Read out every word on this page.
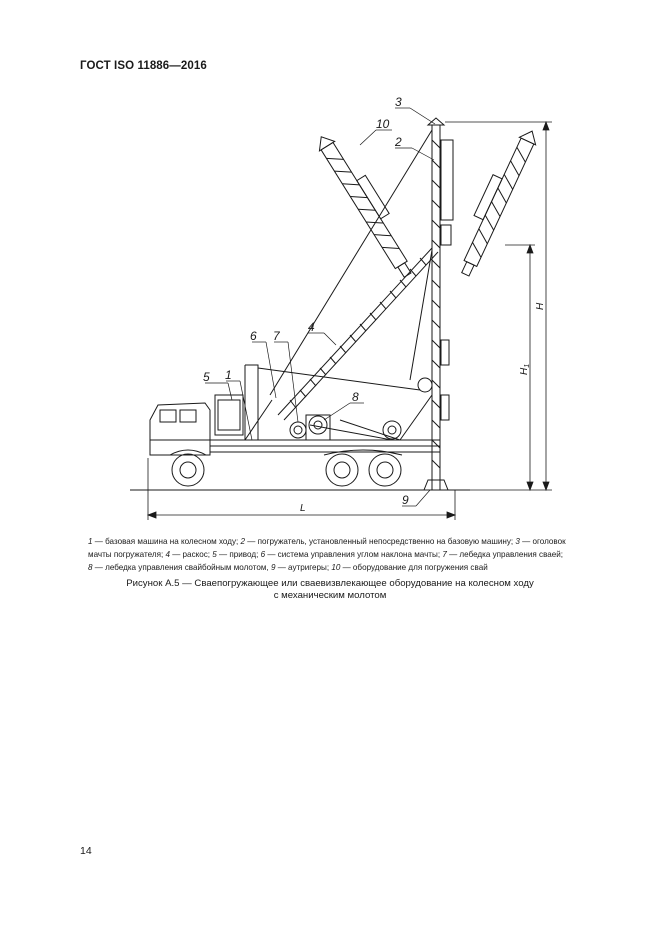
ГОСТ ISO 11886—2016
5 1
6 7
4
8
3
2
10
9
L
H
$H_1$
1 — базовая машина на колесном ходу; 2 — погружатель, установленный непосредственно на базовую машину; 3 — оголовок
мачты погружателя; 4 — раскос; 5 — привод; 6 — система управления углом наклона мачты; 7 — лебедка управления сваей;
8 — лебедка управления свайбойным молотом, 9 — аутригеры; 10 — оборудование для погружения свай
Рисунок А.5 — Сваепогружающее или сваевизвлекающее оборудование на колесном ходу
с механическим молотом
14
